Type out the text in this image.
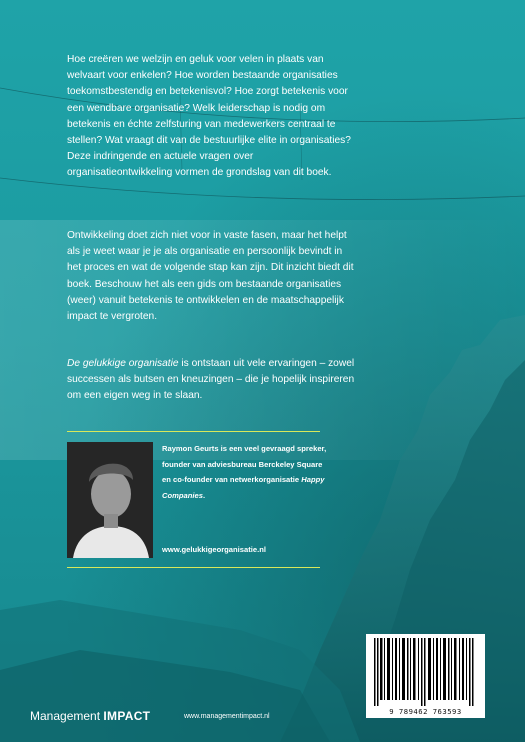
Hoe creëren we welzijn en geluk voor velen in plaats van welvaart voor enkelen? Hoe worden bestaande organisaties toekomstbestendig en betekenisvol? Hoe zorgt betekenis voor een wendbare organisatie? Welk leiderschap is nodig om betekenis en échte zelfsturing van medewerkers centraal te stellen? Wat vraagt dit van de bestuurlijke elite in organisaties? Deze indringende en actuele vragen over organisatieontwikkeling vormen de grondslag van dit boek.

Ontwikkeling doet zich niet voor in vaste fasen, maar het helpt als je weet waar je je als organisatie en persoonlijk bevindt in het proces en wat de volgende stap kan zijn. Dit inzicht biedt dit boek. Beschouw het als een gids om bestaande organisaties (weer) vanuit betekenis te ontwikkelen en de maatschappelijk impact te vergroten.

De gelukkige organisatie is ontstaan uit vele ervaringen – zowel successen als butsen en kneuzingen – die je hopelijk inspireren om een eigen weg in te slaan.

Raymon Geurts is een veel gevraagd spreker, founder van adviesbureau Berckeley Square en co-founder van netwerkorganisatie Happy Companies.
www.gelukkigeorganisatie.nl
9 789462 763593
Management IMPACT	www.managementimpact.nl
